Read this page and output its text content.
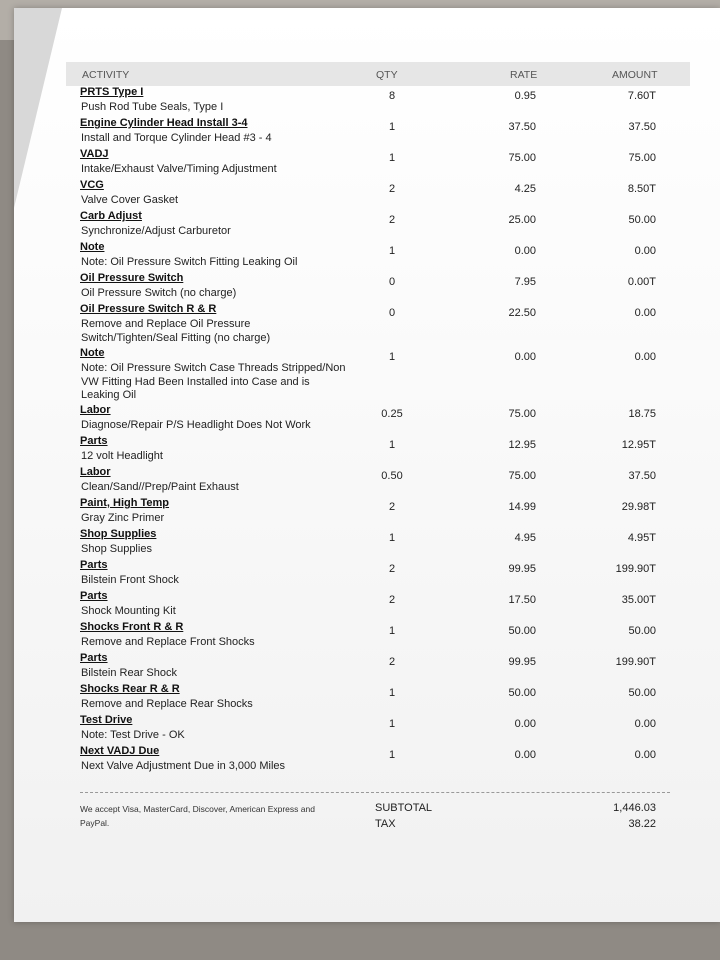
ACTIVITY	QTY	RATE	AMOUNT
PRTS Type I
Push Rod Tube Seals, Type I
8	0.95	7.60T
Engine Cylinder Head Install 3-4
Install and Torque Cylinder Head #3 - 4
1	37.50	37.50
VADJ
Intake/Exhaust Valve/Timing Adjustment
1	75.00	75.00
VCG
Valve Cover Gasket
2	4.25	8.50T
Carb Adjust
Synchronize/Adjust Carburetor
2	25.00	50.00
Note
Note: Oil Pressure Switch Fitting Leaking Oil
1	0.00	0.00
Oil Pressure Switch
Oil Pressure Switch (no charge)
0	7.95	0.00T
Oil Pressure Switch R & R
Remove and Replace Oil Pressure Switch/Tighten/Seal Fitting (no charge)
0	22.50	0.00
Note
Note: Oil Pressure Switch Case Threads Stripped/Non VW Fitting Had Been Installed into Case and is Leaking Oil
1	0.00	0.00
Labor
Diagnose/Repair P/S Headlight Does Not Work
0.25	75.00	18.75
Parts
12 volt Headlight
1	12.95	12.95T
Labor
Clean/Sand//Prep/Paint Exhaust
0.50	75.00	37.50
Paint, High Temp
Gray Zinc Primer
2	14.99	29.98T
Shop Supplies
Shop Supplies
1	4.95	4.95T
Parts
Bilstein Front Shock
2	99.95	199.90T
Parts
Shock Mounting Kit
2	17.50	35.00T
Shocks Front R & R
Remove and Replace Front Shocks
1	50.00	50.00
Parts
Bilstein Rear Shock
2	99.95	199.90T
Shocks Rear R & R
Remove and Replace Rear Shocks
1	50.00	50.00
Test Drive
Note: Test Drive - OK
1	0.00	0.00
Next VADJ Due
Next Valve Adjustment Due in 3,000 Miles
1	0.00	0.00
We accept Visa, MasterCard, Discover, American Express and PayPal.
SUBTOTAL	1,446.03
TAX	38.22
